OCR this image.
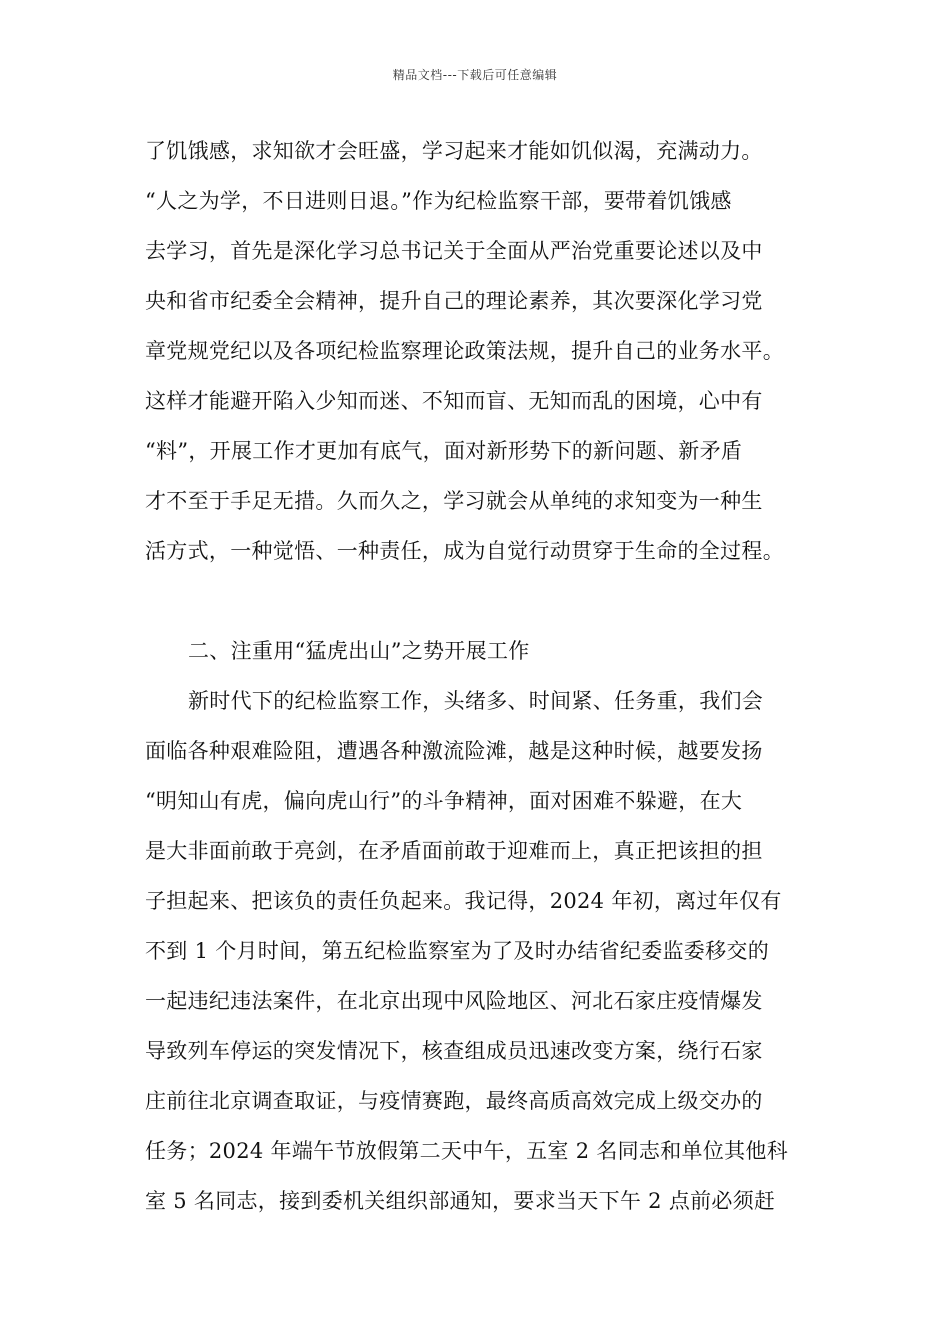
精品文档---下载后可任意编辑
了饥饿感，求知欲才会旺盛，学习起来才能如饥似渴，充满动力。
“人之为学，不日进则日退。”作为纪检监察干部，要带着饥饿感
去学习，首先是深化学习总书记关于全面从严治党重要论述以及中
央和省市纪委全会精神，提升自己的理论素养，其次要深化学习党
章党规党纪以及各项纪检监察理论政策法规，提升自己的业务水平。
这样才能避开陷入少知而迷、不知而盲、无知而乱的困境，心中有
“料”，开展工作才更加有底气，面对新形势下的新问题、新矛盾
才不至于手足无措。久而久之，学习就会从单纯的求知变为一种生
活方式，一种觉悟、一种责任，成为自觉行动贯穿于生命的全过程。
二、注重用“猛虎出山”之势开展工作
新时代下的纪检监察工作，头绪多、时间紧、任务重，我们会
面临各种艰难险阻，遭遇各种激流险滩，越是这种时候，越要发扬
“明知山有虎，偏向虎山行”的斗争精神，面对困难不躲避，在大
是大非面前敢于亮剑，在矛盾面前敢于迎难而上，真正把该担的担
子担起来、把该负的责任负起来。我记得，2024 年初，离过年仅有
不到 1 个月时间，第五纪检监察室为了及时办结省纪委监委移交的
一起违纪违法案件，在北京出现中风险地区、河北石家庄疫情爆发
导致列车停运的突发情况下，核查组成员迅速改变方案，绕行石家
庄前往北京调查取证，与疫情赛跑，最终高质高效完成上级交办的
任务；2024 年端午节放假第二天中午，五室 2 名同志和单位其他科
室 5 名同志，接到委机关组织部通知，要求当天下午 2 点前必须赶
